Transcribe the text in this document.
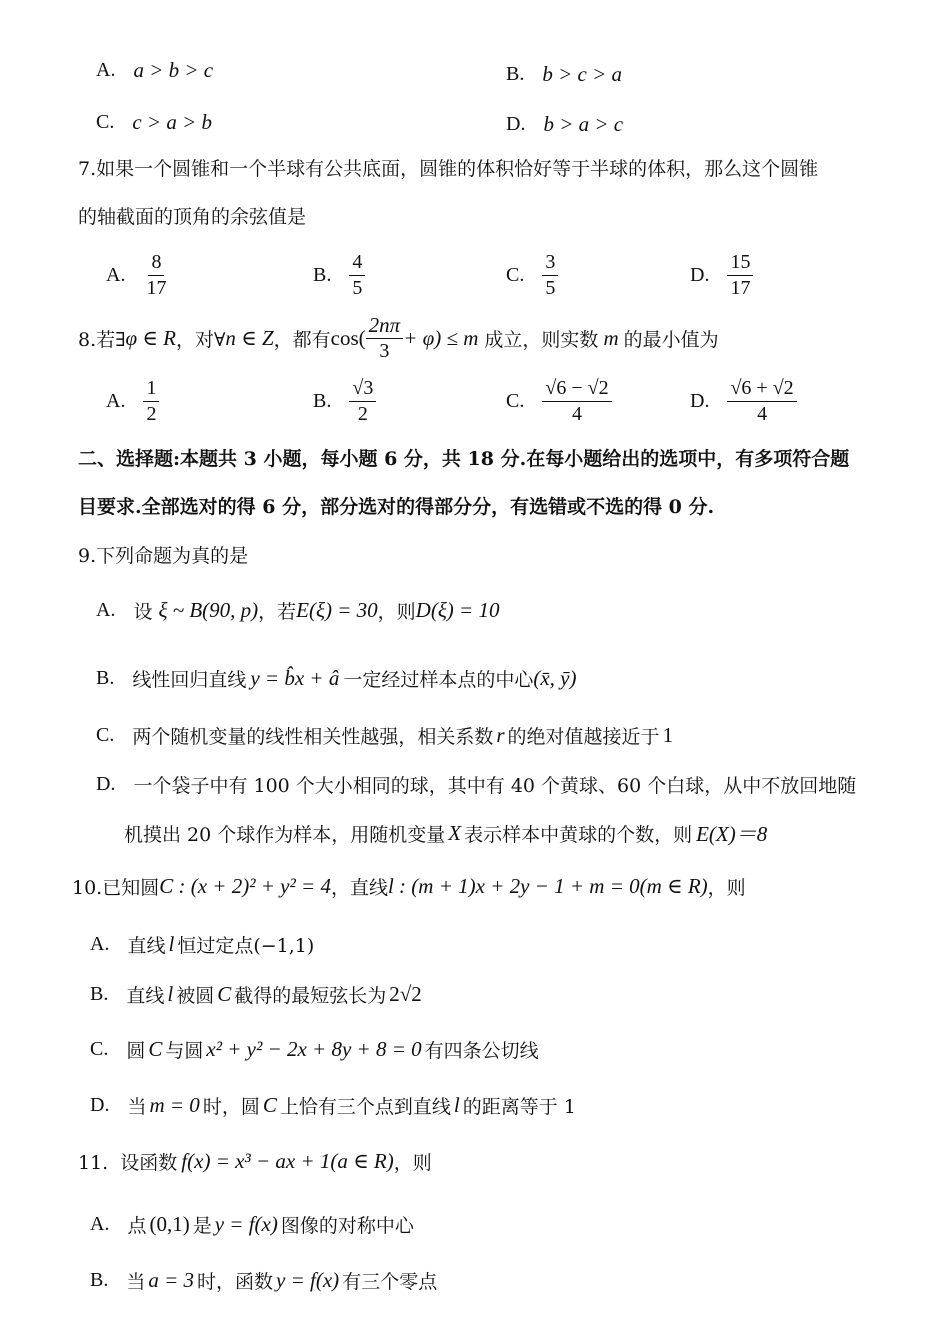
A. a > b > c	B. b > c > a
C. c > a > b	D. b > a > c
7.如果一个圆锥和一个半球有公共底面，圆锥的体积恰好等于半球的体积，那么这个圆锥
的轴截面的顶角的余弦值是
A. $\frac{8}{17}$	B. $\frac{4}{5}$	C. $\frac{3}{5}$	D. $\frac{15}{17}$
8.若∃ φ ∈ R ，对∀ n ∈ Z ，都有 $\cos( \frac{2n\pi}{3} + \varphi) \le m$ 成立，则实数 m 的最小值为
A. $\frac{1}{2}$	B. $\frac{√3}{2}$	C. $\frac{√6 - √2}{4}$	D. $\frac{√6 + √2}{4}$
二、选择题:本题共 3 小题，每小题 6 分，共 18 分.在每小题给出的选项中，有多项符合题
目要求.全部选对的得 6 分，部分选对的得部分分，有选错或不选的得 0 分.
9.下列命题为真的是
A. 设 ξ ~ B(90, p) ，若 E(ξ) = 30 ，则 D(ξ) = 10
B. 线性回归直线 y = b̂x + â 一定经过样本点的中心 (x̄, ȳ)
C. 两个随机变量的线性相关性越强，相关系数 r 的绝对值越接近于 1
D. 一个袋子中有 100 个大小相同的球，其中有 40 个黄球、60 个白球，从中不放回地随
机摸出 20 个球作为样本，用随机变量 X 表示样本中黄球的个数，则 E(X)＝8
10.已知圆 C : (x + 2)² + y² = 4 ，直线 l : (m + 1)x + 2y − 1 + m = 0(m ∈ R) ，则
A. 直线 l 恒过定点(−1,1)
B. 直线 l 被圆 C 截得的最短弦长为 2√2
C. 圆 C 与圆 x² + y² − 2x + 8y + 8 = 0 有四条公切线
D. 当 m = 0 时，圆 C 上恰有三个点到直线 l 的距离等于 1
11.  设函数 f(x) = x³ − ax + 1(a ∈ R) ，则
A. 点 (0,1) 是 y = f(x) 图像的对称中心
B. 当 a = 3 时，函数 y = f(x) 有三个零点
